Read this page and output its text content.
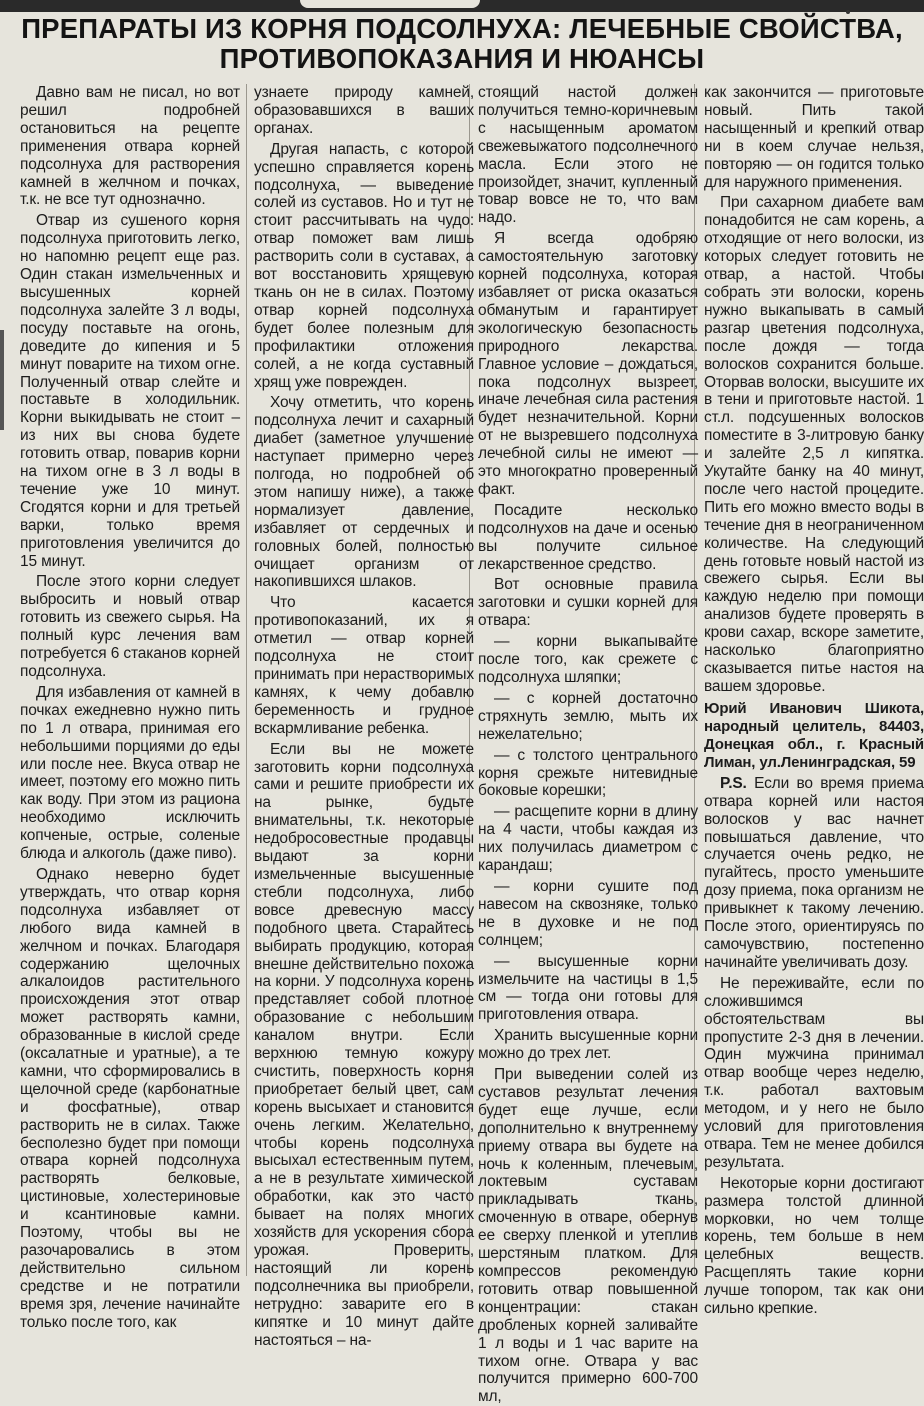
ПРЕПАРАТЫ ИЗ КОРНЯ ПОДСОЛНУХА: ЛЕЧЕБНЫЕ СВОЙСТВА, ПРОТИВОПОКАЗАНИЯ И НЮАНСЫ

Давно вам не писал, но вот решил подробней остановиться на рецепте применения отвара корней подсолнуха для растворения камней в желчном и почках, т.к. не все тут однозначно.

Отвар из сушеного корня подсолнуха приготовить легко, но напомню рецепт еще раз. Один стакан измельченных и высушенных корней подсолнуха залейте 3 л воды, посуду поставьте на огонь, доведите до кипения и 5 минут поварите на тихом огне. Полученный отвар слейте и поставьте в холодильник. Корни выкидывать не стоит – из них вы снова будете готовить отвар, поварив корни на тихом огне в 3 л воды в течение уже 10 минут. Сгодятся корни и для третьей варки, только время приготовления увеличится до 15 минут.

После этого корни следует выбросить и новый отвар готовить из свежего сырья. На полный курс лечения вам потребуется 6 стаканов корней подсолнуха.

Для избавления от камней в почках ежедневно нужно пить по 1 л отвара, принимая его небольшими порциями до еды или после нее. Вкуса отвар не имеет, поэтому его можно пить как воду. При этом из рациона необходимо исключить копченые, острые, соленые блюда и алкоголь (даже пиво).

Однако неверно будет утверждать, что отвар корня подсолнуха избавляет от любого вида камней в желчном и почках. Благодаря содержанию щелочных алкалоидов растительного происхождения этот отвар может растворять камни, образованные в кислой среде (оксалатные и уратные), а те камни, что сформировались в щелочной среде (карбонатные и фосфатные), отвар растворить не в силах. Также бесполезно будет при помощи отвара корней подсолнуха растворять белковые, цистиновые, холестериновые и ксантиновые камни. Поэтому, чтобы вы не разочаровались в этом действительно сильном средстве и не потратили время зря, лечение начинайте только после того, как

узнаете природу камней, образовавшихся в ваших органах.

Другая напасть, с которой успешно справляется корень подсолнуха, — выведение солей из суставов. Но и тут не стоит рассчитывать на чудо: отвар поможет вам лишь растворить соли в суставах, а вот восстановить хрящевую ткань он не в силах. Поэтому отвар корней подсолнуха будет более полезным для профилактики отложения солей, а не когда суставный хрящ уже поврежден.

Хочу отметить, что корень подсолнуха лечит и сахарный диабет (заметное улучшение наступает примерно через полгода, но подробней об этом напишу ниже), а также нормализует давление, избавляет от сердечных и головных болей, полностью очищает организм от накопившихся шлаков.

Что касается противопоказаний, их я отметил — отвар корней подсолнуха не стоит принимать при нерастворимых камнях, к чему добавлю беременность и грудное вскармливание ребенка.

Если вы не можете заготовить корни подсолнуха сами и решите приобрести их на рынке, будьте внимательны, т.к. некоторые недобросовестные продавцы выдают за корни измельченные высушенные стебли подсолнуха, либо вовсе древесную массу подобного цвета. Старайтесь выбирать продукцию, которая внешне действительно похожа на корни. У подсолнуха корень представляет собой плотное образование с небольшим каналом внутри. Если верхнюю темную кожуру счистить, поверхность корня приобретает белый цвет, сам корень высыхает и становится очень легким. Желательно, чтобы корень подсолнуха высыхал естественным путем, а не в результате химической обработки, как это часто бывает на полях многих хозяйств для ускорения сбора урожая. Проверить, настоящий ли корень подсолнечника вы приобрели, нетрудно: заварите его в кипятке и 10 минут дайте настояться – на-

стоящий настой должен получиться темно-коричневым с насыщенным ароматом свежевыжатого подсолнечного масла. Если этого не произойдет, значит, купленный товар вовсе не то, что вам надо.

Я всегда одобряю самостоятельную заготовку корней подсолнуха, которая избавляет от риска оказаться обманутым и гарантирует экологическую безопасность природного лекарства. Главное условие – дождаться, пока подсолнух вызреет, иначе лечебная сила растения будет незначительной. Корни от не вызревшего подсолнуха лечебной силы не имеют — это многократно проверенный факт.

Посадите несколько подсолнухов на даче и осенью вы получите сильное лекарственное средство.

Вот основные правила заготовки и сушки корней для отвара:

— корни выкапывайте после того, как срежете с подсолнуха шляпки;

— с корней достаточно стряхнуть землю, мыть их нежелательно;

— с толстого центрального корня срежьте нитевидные боковые корешки;

— расщепите корни в длину на 4 части, чтобы каждая из них получилась диаметром с карандаш;

— корни сушите под навесом на сквозняке, только не в духовке и не под солнцем;

— высушенные корни измельчите на частицы в 1,5 см — тогда они готовы для приготовления отвара.

Хранить высушенные корни можно до трех лет.

При выведении солей из суставов результат лечения будет еще лучше, если дополнительно к внутреннему приему отвара вы будете на ночь к коленным, плечевым, локтевым суставам прикладывать ткань, смоченную в отваре, обернув ее сверху пленкой и утеплив шерстяным платком. Для компрессов рекомендую готовить отвар повышенной концентрации: стакан дробленых корней заливайте 1 л воды и 1 час варите на тихом огне. Отвара у вас получится примерно 600-700 мл,

как закончится — приготовьте новый. Пить такой насыщенный и крепкий отвар ни в коем случае нельзя, повторяю — он годится только для наружного применения.

При сахарном диабете вам понадобится не сам корень, а отходящие от него волоски, из которых следует готовить не отвар, а настой. Чтобы собрать эти волоски, корень нужно выкапывать в самый разгар цветения подсолнуха, после дождя — тогда волосков сохранится больше. Оторвав волоски, высушите их в тени и приготовьте настой. 1 ст.л. подсушенных волосков поместите в 3-литровую банку и залейте 2,5 л кипятка. Укутайте банку на 40 минут, после чего настой процедите. Пить его можно вместо воды в течение дня в неограниченном количестве. На следующий день готовьте новый настой из свежего сырья. Если вы каждую неделю при помощи анализов будете проверять в крови сахар, вскоре заметите, насколько благоприятно сказывается питье настоя на вашем здоровье.

Юрий Иванович Шикота, народный целитель, 84403, Донецкая обл., г. Красный Лиман, ул.Ленинградская, 59

P.S. Если во время приема отвара корней или настоя волосков у вас начнет повышаться давление, что случается очень редко, не пугайтесь, просто уменьшите дозу приема, пока организм не привыкнет к такому лечению. После этого, ориентируясь по самочувствию, постепенно начинайте увеличивать дозу.

Не переживайте, если по сложившимся обстоятельствам вы пропустите 2-3 дня в лечении. Один мужчина принимал отвар вообще через неделю, т.к. работал вахтовым методом, и у него не было условий для приготовления отвара. Тем не менее добился результата.

Некоторые корни достигают размера толстой длинной морковки, но чем толще корень, тем больше в нем целебных веществ. Расщеплять такие корни лучше топором, так как они сильно крепкие.
